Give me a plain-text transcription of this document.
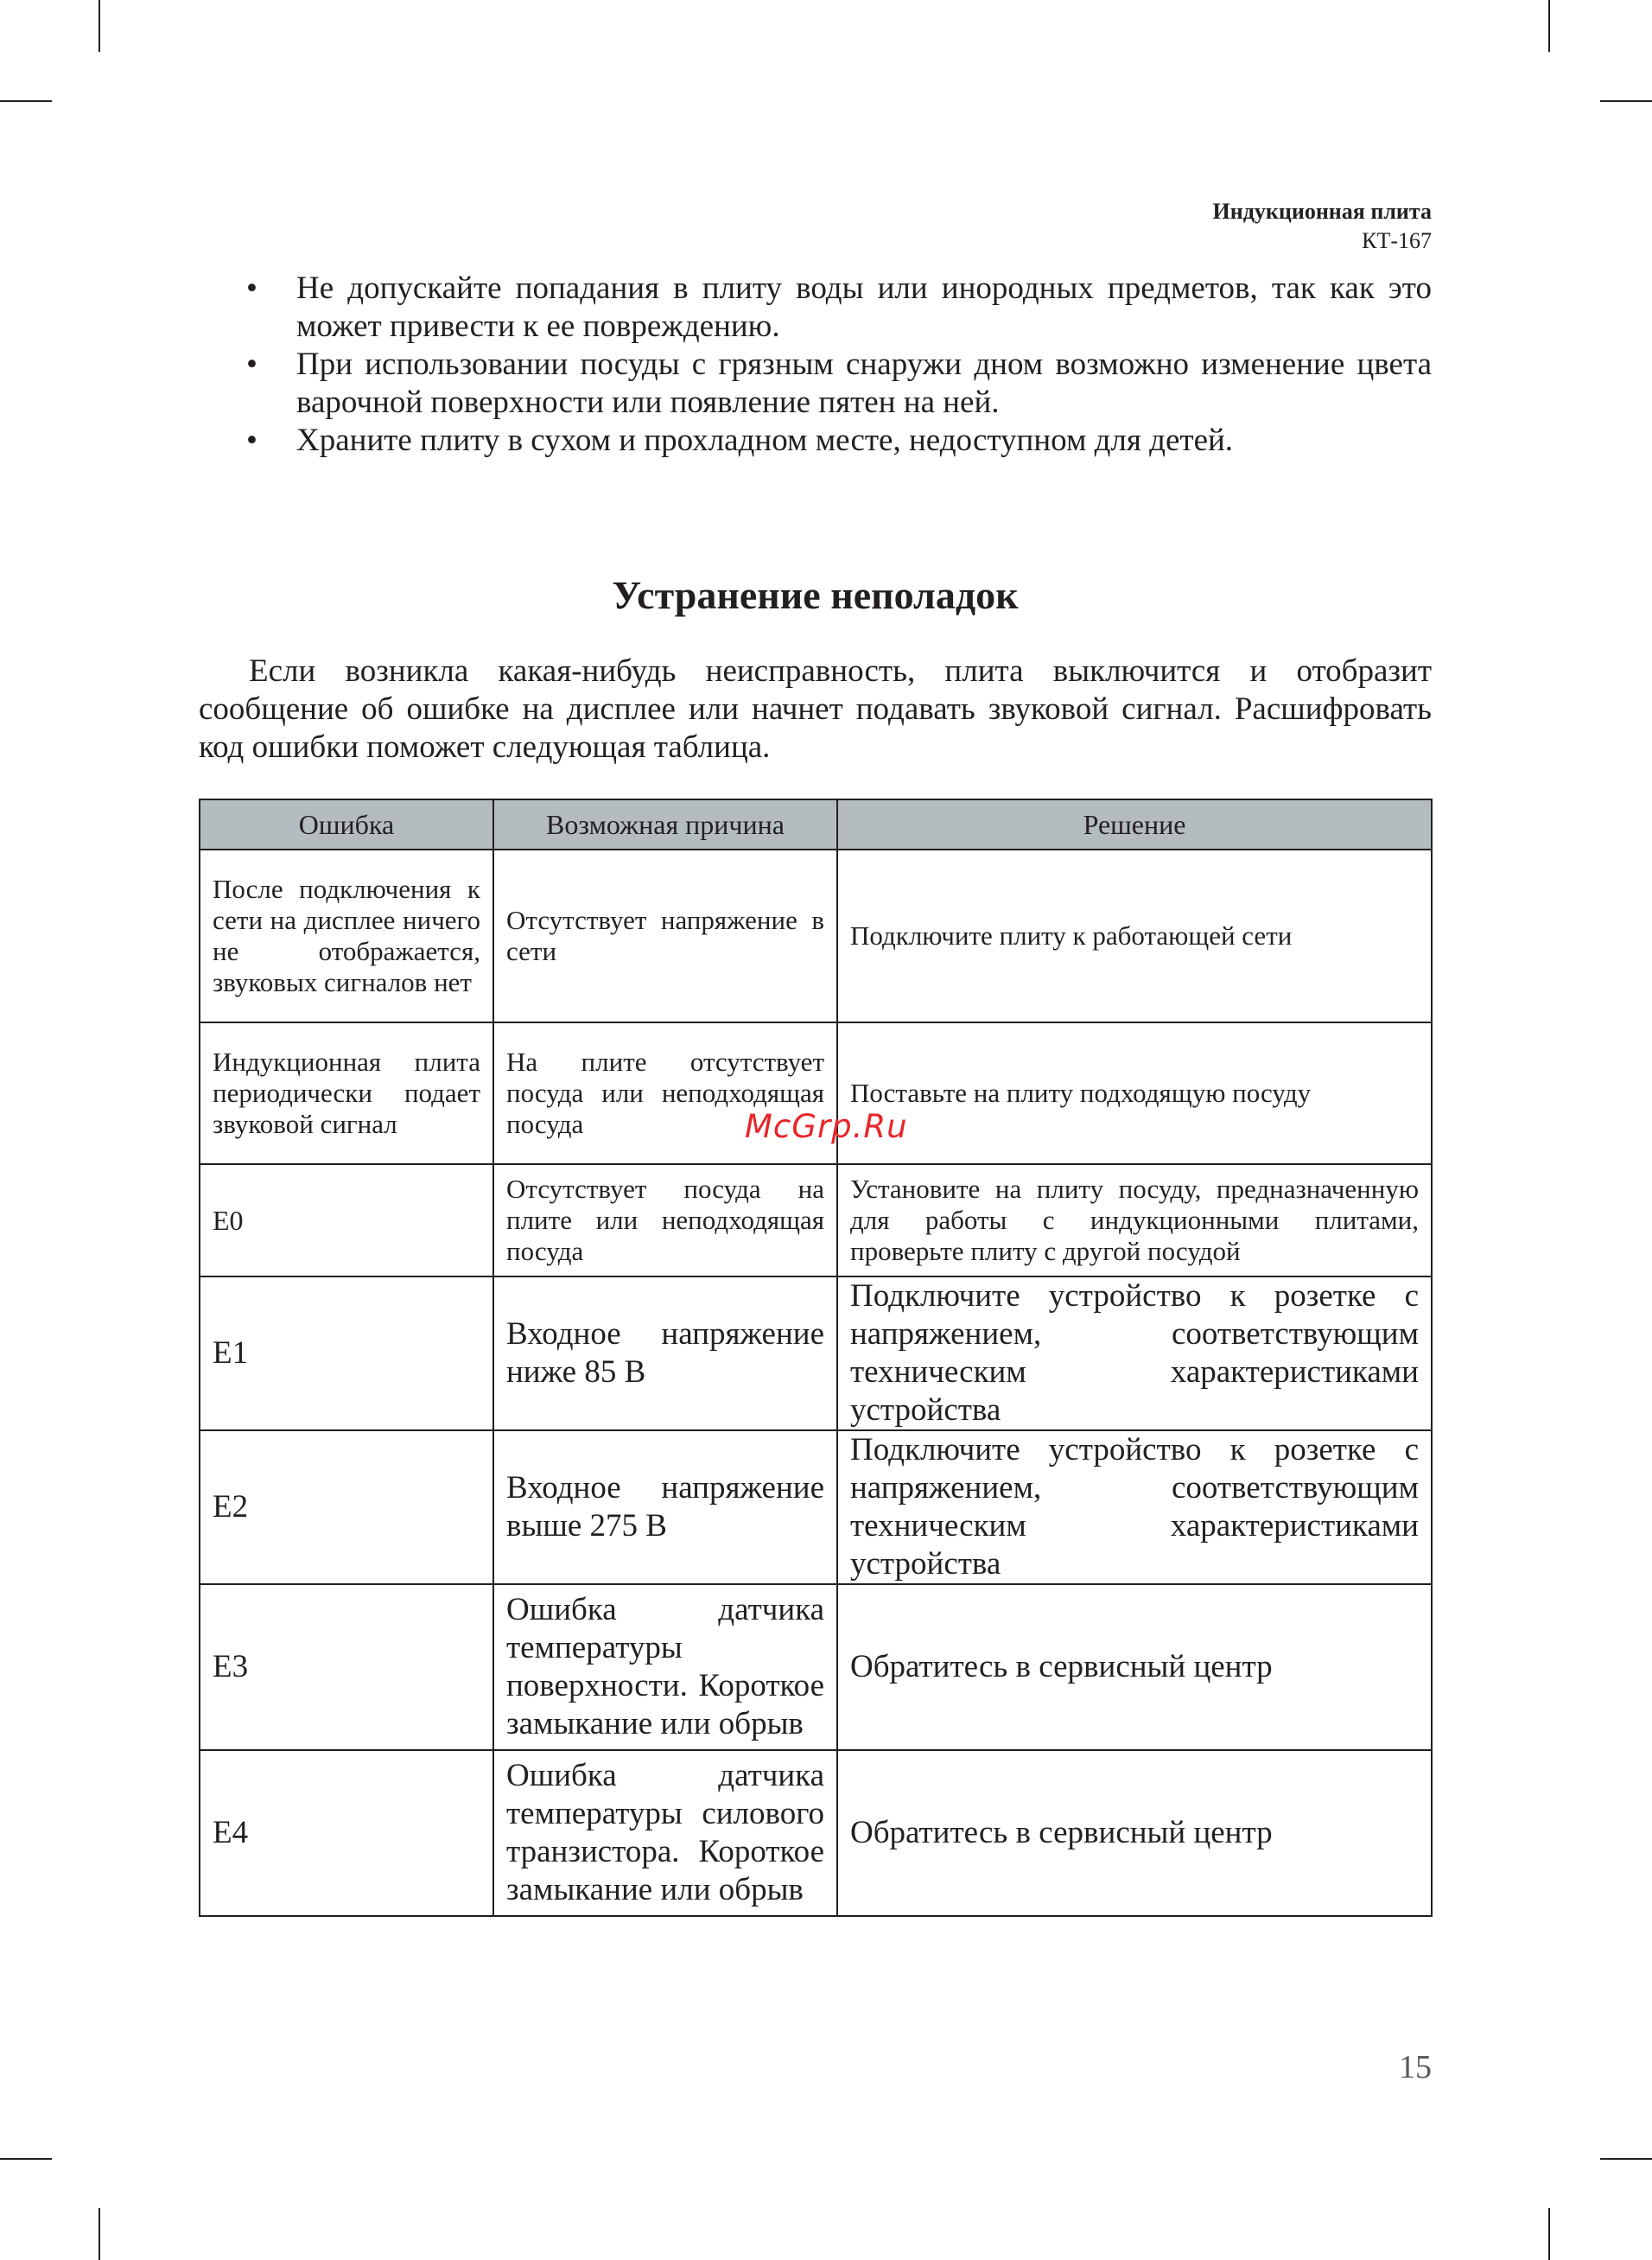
Индукционная плита
КТ-167

• Не допускайте попадания в плиту воды или инородных предметов, так как это может привести к ее повреждению.

• При использовании посуды с грязным снаружи дном возможно изменение цвета варочной поверхности или появление пятен на ней.

• Храните плиту в сухом и прохладном месте, недоступном для детей.

Устранение неполадок

Если возникла какая-нибудь неисправность, плита выключится и отобразит сообщение об ошибке на дисплее или начнет подавать звуковой сигнал. Расшифровать код ошибки поможет следующая таблица.

Ошибка	Возможная причина	Решение
После подключения к сети на дисплее ничего не отображается, звуковых сигналов нет	Отсутствует напряжение в сети	Подключите плиту к работающей сети
Индукционная плита периодически подает звуковой сигнал	На плите отсутствует посуда или неподходящая посуда	Поставьте на плиту подходящую посуду
E0	Отсутствует посуда на плите или неподходящая посуда	Установите на плиту посуду, предназначенную для работы с индукционными плитами, проверьте плиту с другой посудой
E1	Входное напряжение ниже 85 В	Подключите устройство к розетке с напряжением, соответствующим техническим характеристиками устройства
E2	Входное напряжение выше 275 В	Подключите устройство к розетке с напряжением, соответствующим техническим характеристиками устройства
E3	Ошибка датчика температуры поверхности. Короткое замыкание или обрыв	Обратитесь в сервисный центр
E4	Ошибка датчика температуры силового транзистора. Короткое замыкание или обрыв	Обратитесь в сервисный центр
McGrp.Ru
15
